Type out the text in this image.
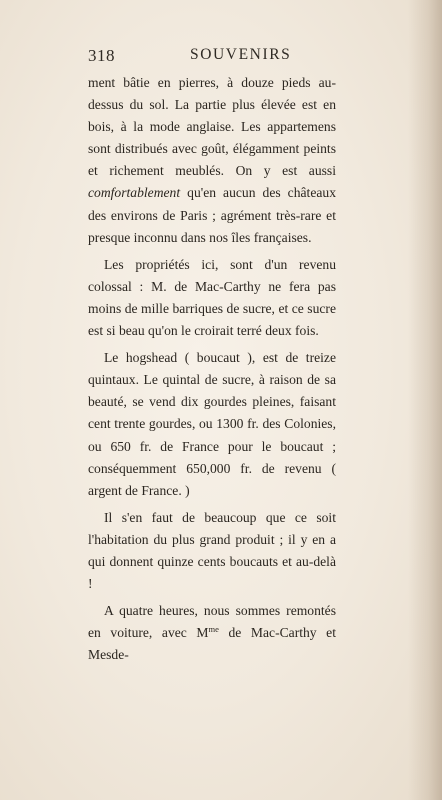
318	SOUVENIRS

ment bâtie en pierres, à douze pieds au-dessus du sol. La partie plus élevée est en bois, à la mode anglaise. Les appartemens sont distribués avec goût, élégamment peints et richement meublés. On y est aussi comfortablement qu'en aucun des châteaux des environs de Paris ; agrément très-rare et presque inconnu dans nos îles françaises.

Les propriétés ici, sont d'un revenu colossal : M. de Mac-Carthy ne fera pas moins de mille barriques de sucre, et ce sucre est si beau qu'on le croirait terré deux fois.

Le hogshead ( boucaut ), est de treize quintaux. Le quintal de sucre, à raison de sa beauté, se vend dix gourdes pleines, faisant cent trente gourdes, ou 1300 fr. des Colonies, ou 650 fr. de France pour le boucaut ; conséquemment 650,000 fr. de revenu ( argent de France. )

Il s'en faut de beaucoup que ce soit l'habitation du plus grand produit ; il y en a qui donnent quinze cents boucauts et au-delà !

A quatre heures, nous sommes remontés en voiture, avec $M^{me}$ de Mac-Carthy et Mesde-
